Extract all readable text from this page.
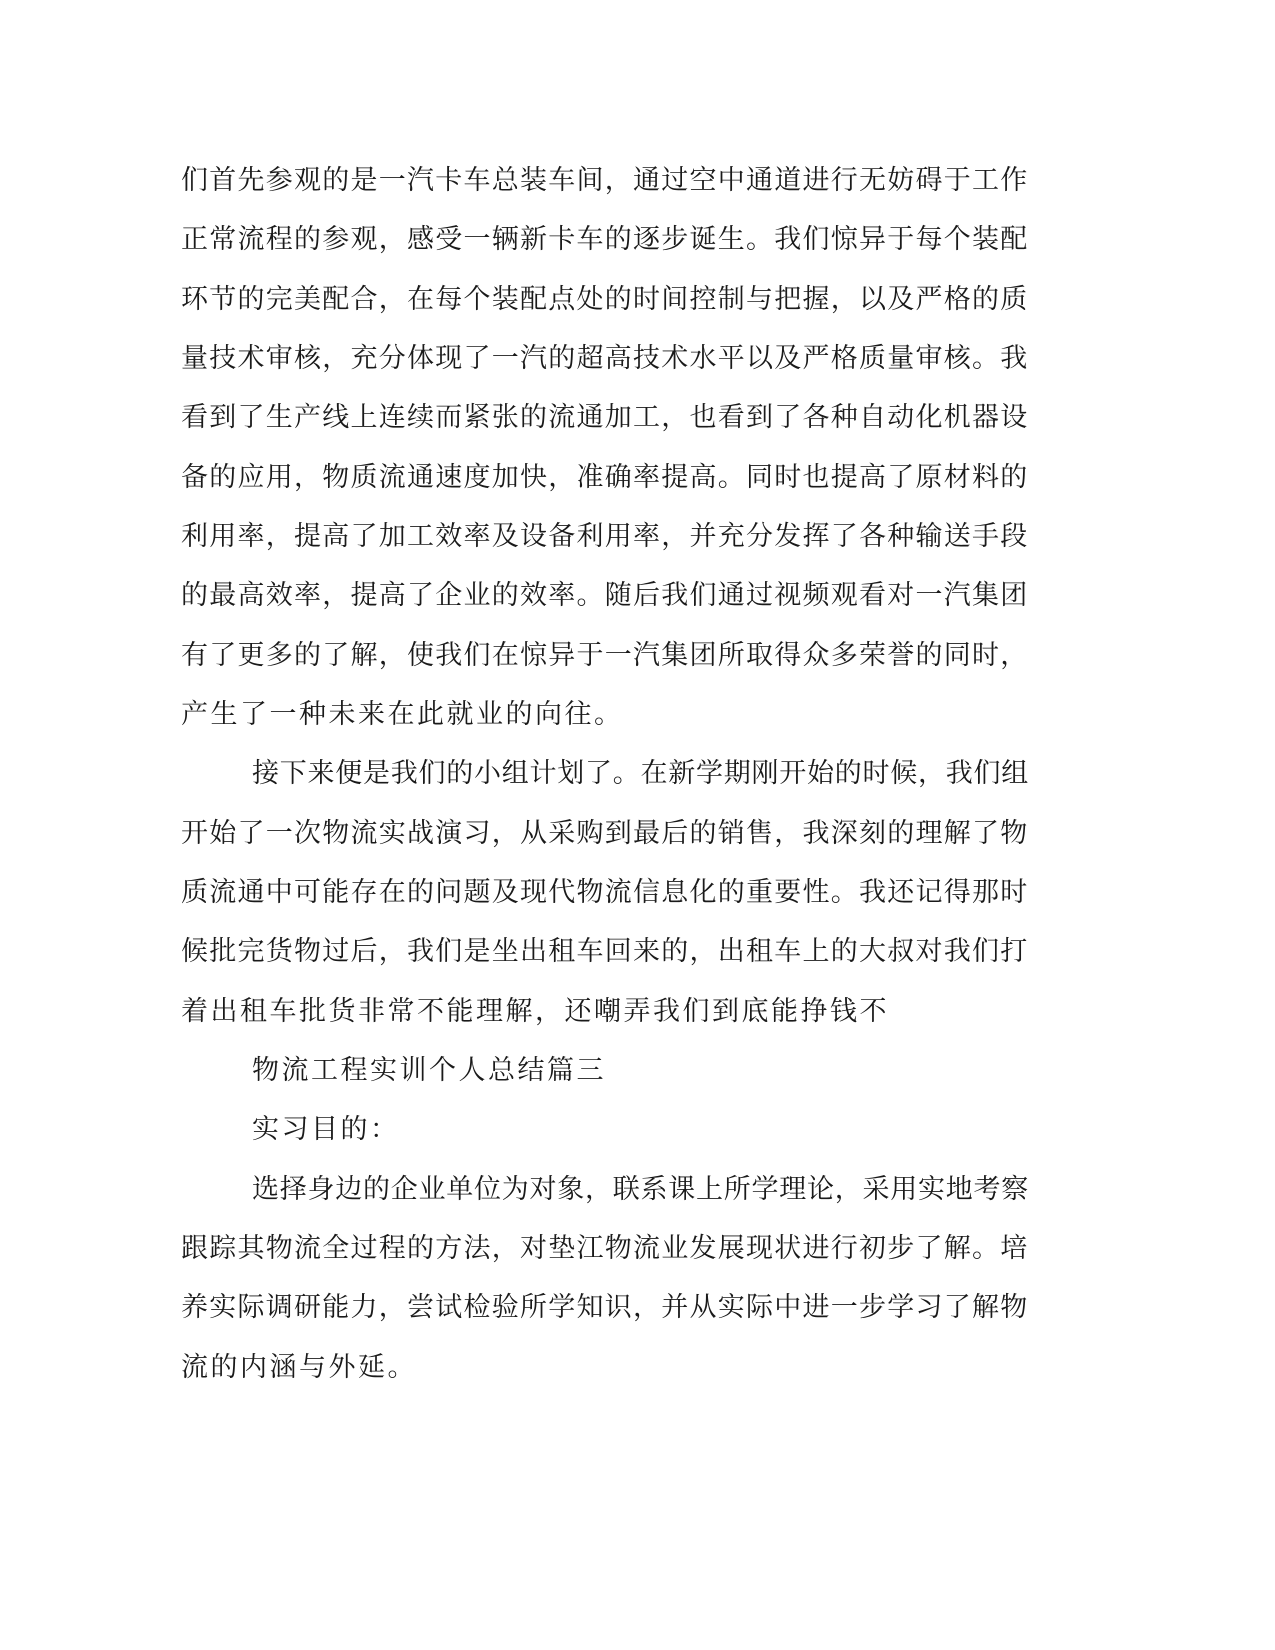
们首先参观的是一汽卡车总装车间，通过空中通道进行无妨碍于工作

正常流程的参观，感受一辆新卡车的逐步诞生。我们惊异于每个装配

环节的完美配合，在每个装配点处的时间控制与把握，以及严格的质

量技术审核，充分体现了一汽的超高技术水平以及严格质量审核。我

看到了生产线上连续而紧张的流通加工，也看到了各种自动化机器设

备的应用，物质流通速度加快，准确率提高。同时也提高了原材料的

利用率，提高了加工效率及设备利用率，并充分发挥了各种输送手段

的最高效率，提高了企业的效率。随后我们通过视频观看对一汽集团

有了更多的了解，使我们在惊异于一汽集团所取得众多荣誉的同时，

产生了一种未来在此就业的向往。

接下来便是我们的小组计划了。在新学期刚开始的时候，我们组

开始了一次物流实战演习，从采购到最后的销售，我深刻的理解了物

质流通中可能存在的问题及现代物流信息化的重要性。我还记得那时

候批完货物过后，我们是坐出租车回来的，出租车上的大叔对我们打

着出租车批货非常不能理解，还嘲弄我们到底能挣钱不

物流工程实训个人总结篇三

实习目的：

选择身边的企业单位为对象，联系课上所学理论，采用实地考察

跟踪其物流全过程的方法，对垫江物流业发展现状进行初步了解。培

养实际调研能力，尝试检验所学知识，并从实际中进一步学习了解物

流的内涵与外延。
